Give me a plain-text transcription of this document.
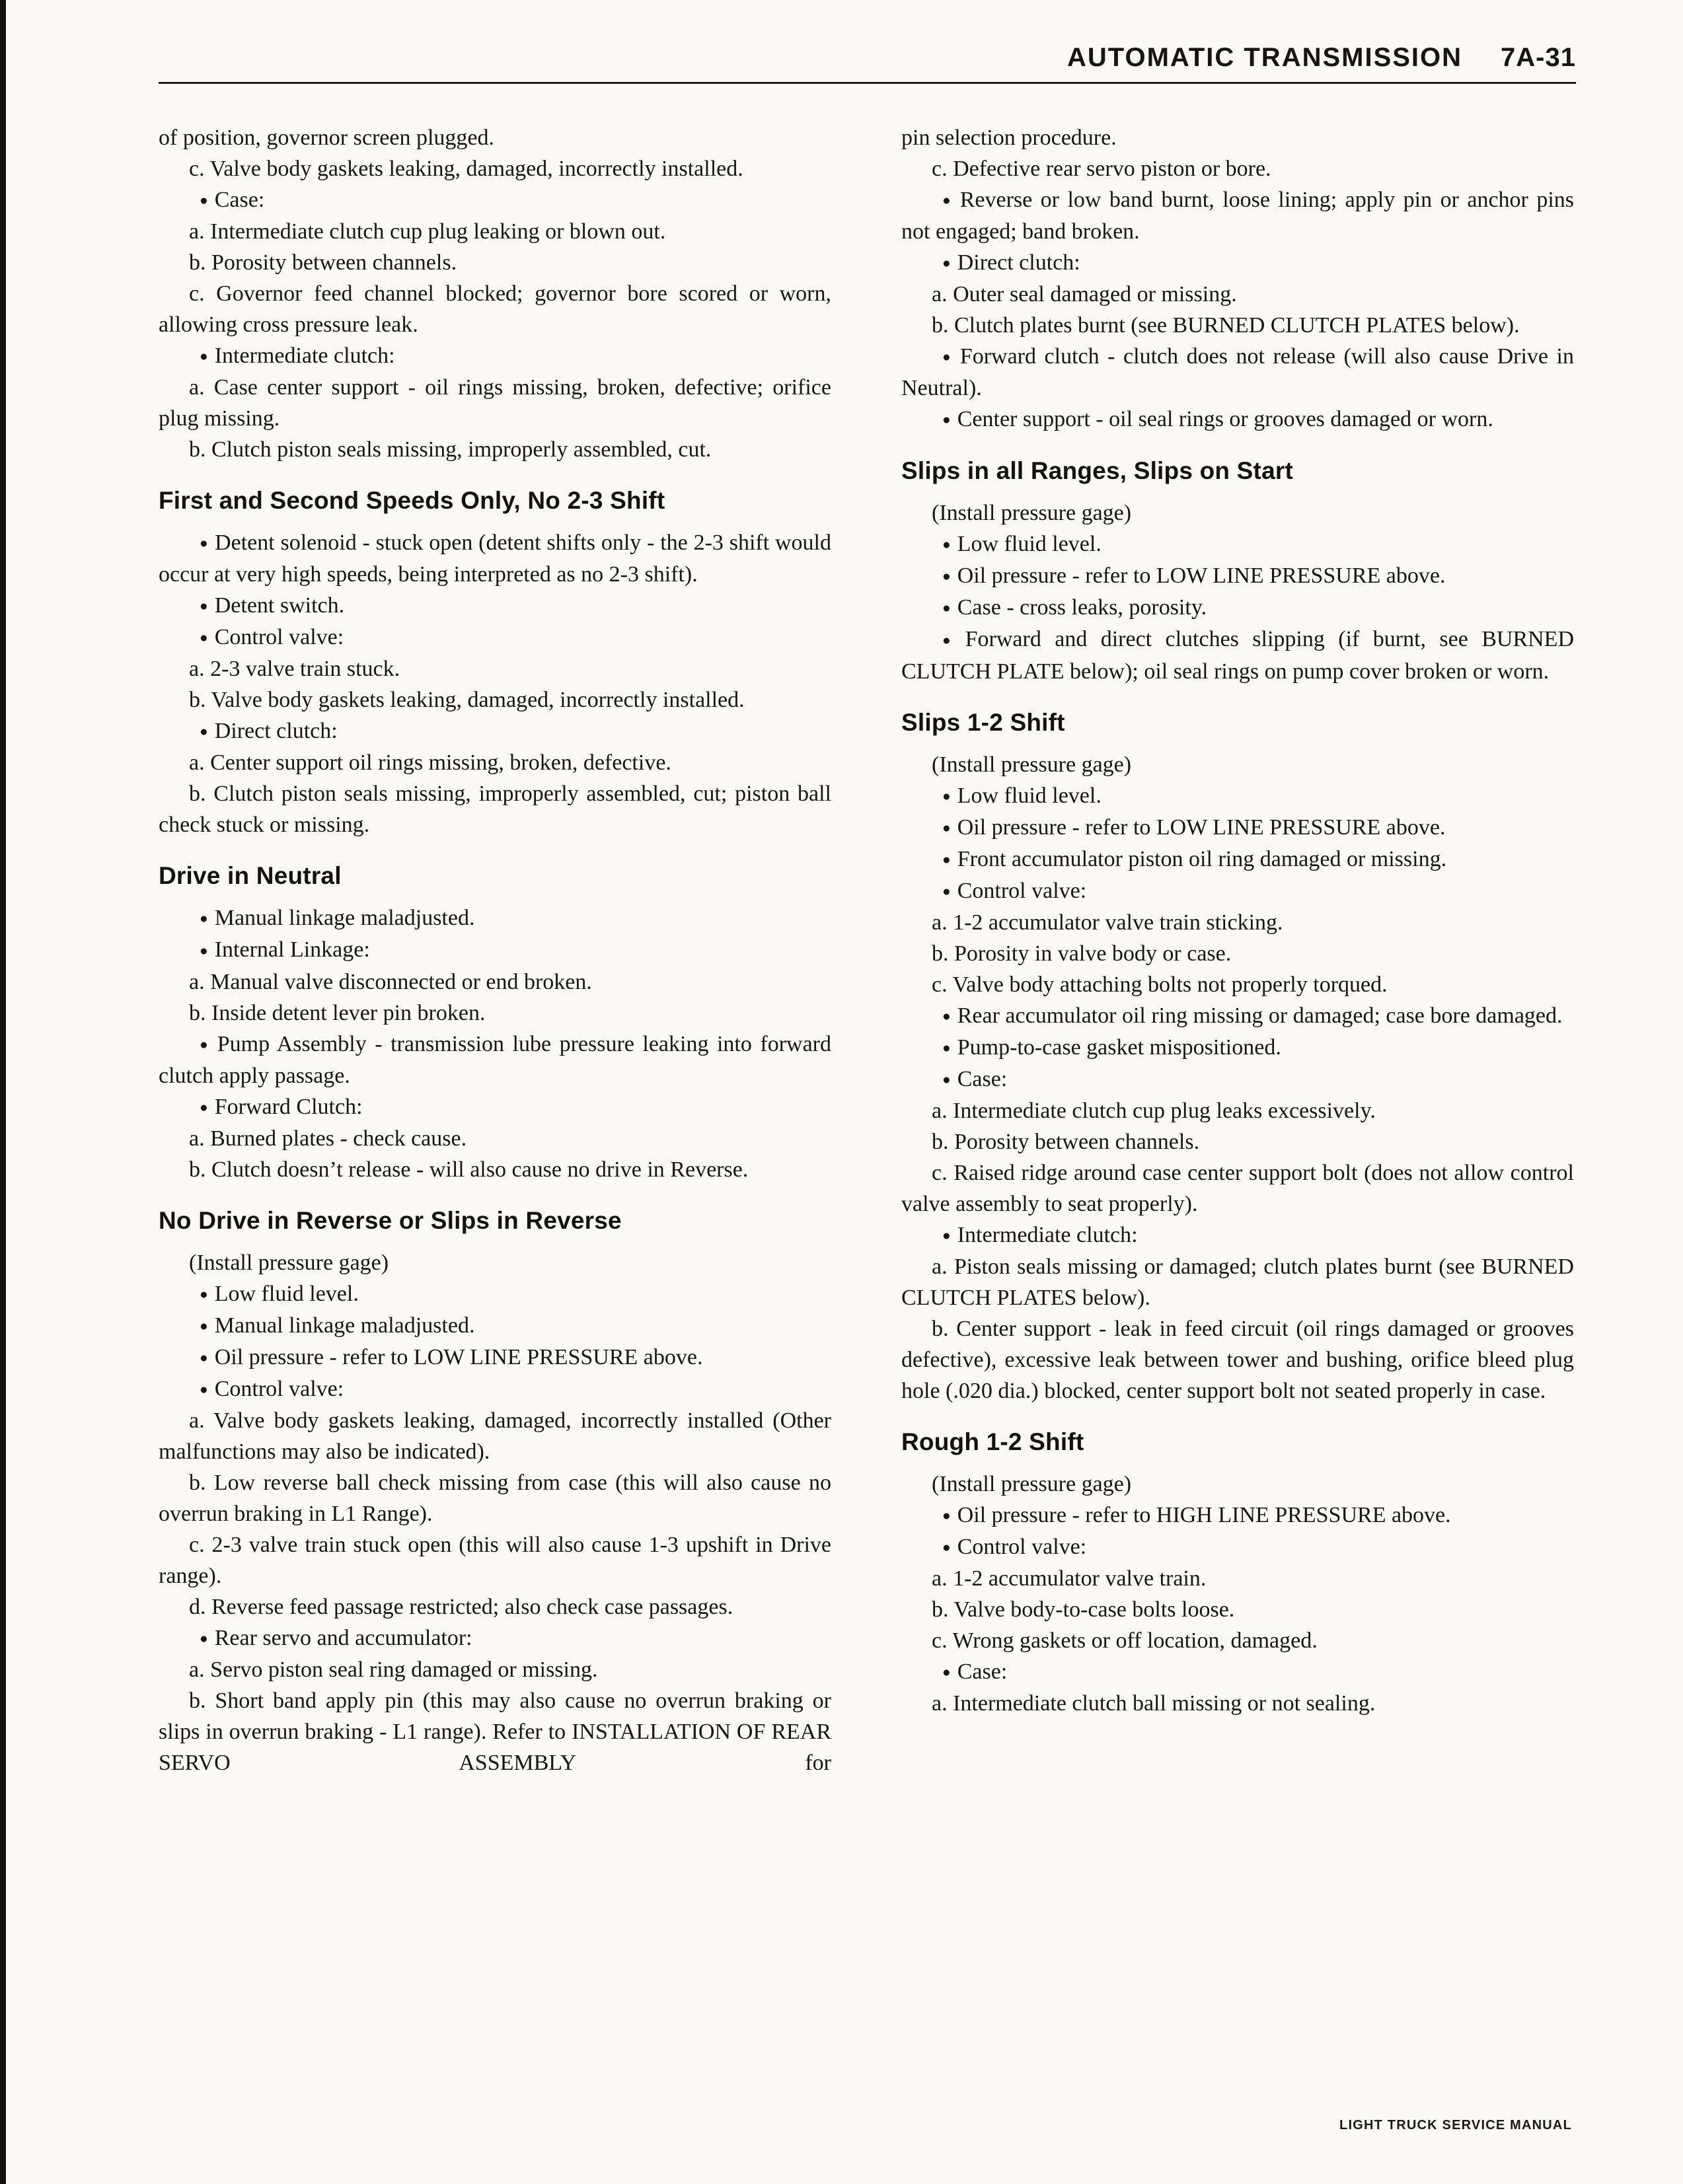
AUTOMATIC TRANSMISSION 7A-31

of position, governor screen plugged.

c. Valve body gaskets leaking, damaged, incorrectly installed.

● Case:

a. Intermediate clutch cup plug leaking or blown out.

b. Porosity between channels.

c. Governor feed channel blocked; governor bore scored or worn, allowing cross pressure leak.

● Intermediate clutch:

a. Case center support - oil rings missing, broken, defective; orifice plug missing.

b. Clutch piston seals missing, improperly assembled, cut.

First and Second Speeds Only, No 2-3 Shift

● Detent solenoid - stuck open (detent shifts only - the 2-3 shift would occur at very high speeds, being interpreted as no 2-3 shift).

● Detent switch.

● Control valve:

a. 2-3 valve train stuck.

b. Valve body gaskets leaking, damaged, incorrectly installed.

● Direct clutch:

a. Center support oil rings missing, broken, defective.

b. Clutch piston seals missing, improperly assembled, cut; piston ball check stuck or missing.

Drive in Neutral

● Manual linkage maladjusted.

● Internal Linkage:

a. Manual valve disconnected or end broken.

b. Inside detent lever pin broken.

● Pump Assembly - transmission lube pressure leaking into forward clutch apply passage.

● Forward Clutch:

a. Burned plates - check cause.

b. Clutch doesn’t release - will also cause no drive in Reverse.

No Drive in Reverse or Slips in Reverse

(Install pressure gage)

● Low fluid level.

● Manual linkage maladjusted.

● Oil pressure - refer to LOW LINE PRESSURE above.

● Control valve:

a. Valve body gaskets leaking, damaged, incorrectly installed (Other malfunctions may also be indicated).

b. Low reverse ball check missing from case (this will also cause no overrun braking in L1 Range).

c. 2-3 valve train stuck open (this will also cause 1-3 upshift in Drive range).

d. Reverse feed passage restricted; also check case passages.

● Rear servo and accumulator:

a. Servo piston seal ring damaged or missing.

b. Short band apply pin (this may also cause no overrun braking or slips in overrun braking - L1 range). Refer to INSTALLATION OF REAR SERVO ASSEMBLY for

pin selection procedure.

c. Defective rear servo piston or bore.

● Reverse or low band burnt, loose lining; apply pin or anchor pins not engaged; band broken.

● Direct clutch:

a. Outer seal damaged or missing.

b. Clutch plates burnt (see BURNED CLUTCH PLATES below).

● Forward clutch - clutch does not release (will also cause Drive in Neutral).

● Center support - oil seal rings or grooves damaged or worn.

Slips in all Ranges, Slips on Start

(Install pressure gage)

● Low fluid level.

● Oil pressure - refer to LOW LINE PRESSURE above.

● Case - cross leaks, porosity.

● Forward and direct clutches slipping (if burnt, see BURNED CLUTCH PLATE below); oil seal rings on pump cover broken or worn.

Slips 1-2 Shift

(Install pressure gage)

● Low fluid level.

● Oil pressure - refer to LOW LINE PRESSURE above.

● Front accumulator piston oil ring damaged or missing.

● Control valve:

a. 1-2 accumulator valve train sticking.

b. Porosity in valve body or case.

c. Valve body attaching bolts not properly torqued.

● Rear accumulator oil ring missing or damaged; case bore damaged.

● Pump-to-case gasket mispositioned.

● Case:

a. Intermediate clutch cup plug leaks excessively.

b. Porosity between channels.

c. Raised ridge around case center support bolt (does not allow control valve assembly to seat properly).

● Intermediate clutch:

a. Piston seals missing or damaged; clutch plates burnt (see BURNED CLUTCH PLATES below).

b. Center support - leak in feed circuit (oil rings damaged or grooves defective), excessive leak between tower and bushing, orifice bleed plug hole (.020 dia.) blocked, center support bolt not seated properly in case.

Rough 1-2 Shift

(Install pressure gage)

● Oil pressure - refer to HIGH LINE PRESSURE above.

● Control valve:

a. 1-2 accumulator valve train.

b. Valve body-to-case bolts loose.

c. Wrong gaskets or off location, damaged.

● Case:

a. Intermediate clutch ball missing or not sealing.

LIGHT TRUCK SERVICE MANUAL
